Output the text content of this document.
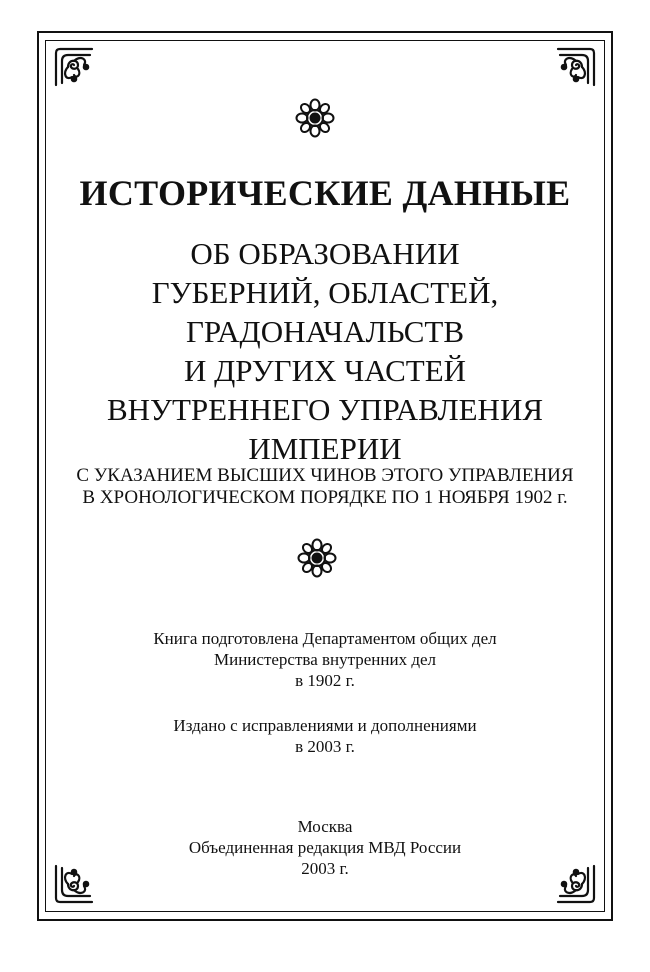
ИСТОРИЧЕСКИЕ ДАННЫЕ
ОБ ОБРАЗОВАНИИ
ГУБЕРНИЙ, ОБЛАСТЕЙ,
ГРАДОНАЧАЛЬСТВ
И ДРУГИХ ЧАСТЕЙ
ВНУТРЕННЕГО УПРАВЛЕНИЯ
ИМПЕРИИ
С УКАЗАНИЕМ ВЫСШИХ ЧИНОВ ЭТОГО УПРАВЛЕНИЯ
В ХРОНОЛОГИЧЕСКОМ ПОРЯДКЕ ПО 1 НОЯБРЯ 1902 г.
Книга подготовлена Департаментом общих дел
Министерства внутренних дел
в 1902 г.
Издано с исправлениями и дополнениями
в 2003 г.
Москва
Объединенная редакция МВД России
2003 г.
